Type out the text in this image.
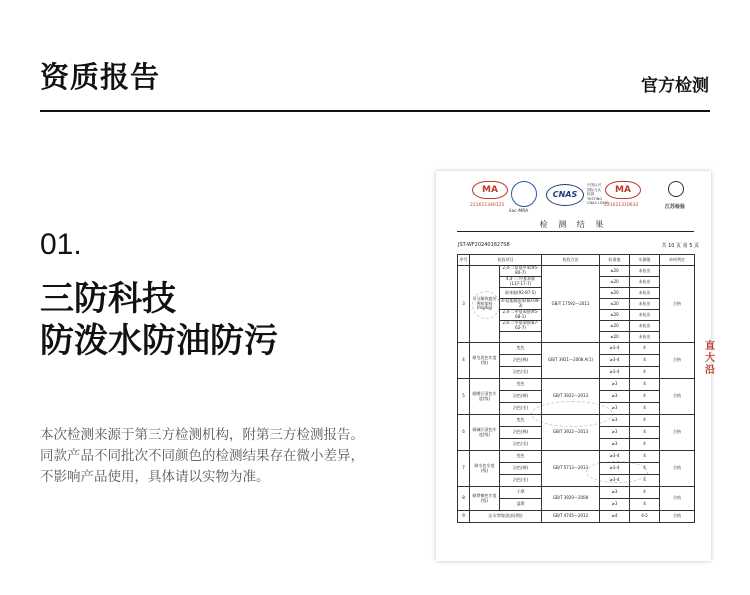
资质报告	官方检测
01.
三防科技
防泼水防油防污
本次检测来源于第三方检测机构，附第三方检测报告。
同款产品不同批次不同颜色的检测结果存在微小差异，
不影响产品使用，具体请以实物为准。
MA
221611340125
ilac-MRA
CNAS
中国认可
国际互认
检测
TESTING
CNAS L5400
MA
221611310632	江苏检验
检 测 结 果
JST-WF202401827S8	共 10 页 第 5 页
序号	检验项目		检验方法	标准值	实测值	单项判定
3	可分解致癌芳香胺染料(mg/kg)	2,4-二氨基甲苯(95-80-7)	GB/T 17592—2011	≤20	未检出	合格
		4,4'-二甲基苯胺(137-17-7)		≤20	未检出	
		联苯胺(92-87-5)		≤20	未检出	
		4-氨基偶氮苯(60-09-3)		≤20	未检出	
		2,4-二甲基苯胺(95-68-1)		≤20	未检出	
		2,6-二甲基苯胺(87-62-7)		≤20	未检出	
				≤20	未检出	
4	耐皂洗色牢度(级)	变色	GB/T 3921—2008 A(1)	≥3-4	4	合格
		沾色(棉)		≥3-4	4	
		沾色(毛)		≥3-4	4	
5	耐酸汗渍色牢度(级)	变色	GB/T 3922—2013	≥3	4	合格
		沾色(棉)		≥3	4	
		沾色(毛)		≥3	4	
6	耐碱汗渍色牢度(级)	变色	GB/T 3922—2013	≥3	4	合格
		沾色(棉)		≥3	4	
		沾色(毛)		≥3	4	
7	耐水色牢度(级)	变色	GB/T 5713—2013	≥3-4	4	合格
		沾色(棉)		≥3-4	4	
		沾色(毛)		≥3-4	4	
8	耐摩擦色牢度(级)	干摩	GB/T 3920—2008	≥3	4	合格
		湿摩		≥3	4	
9	沾水等级(洗前)(级)		GB/T 4745—2012	≥4	4-5	合格
直大沿
